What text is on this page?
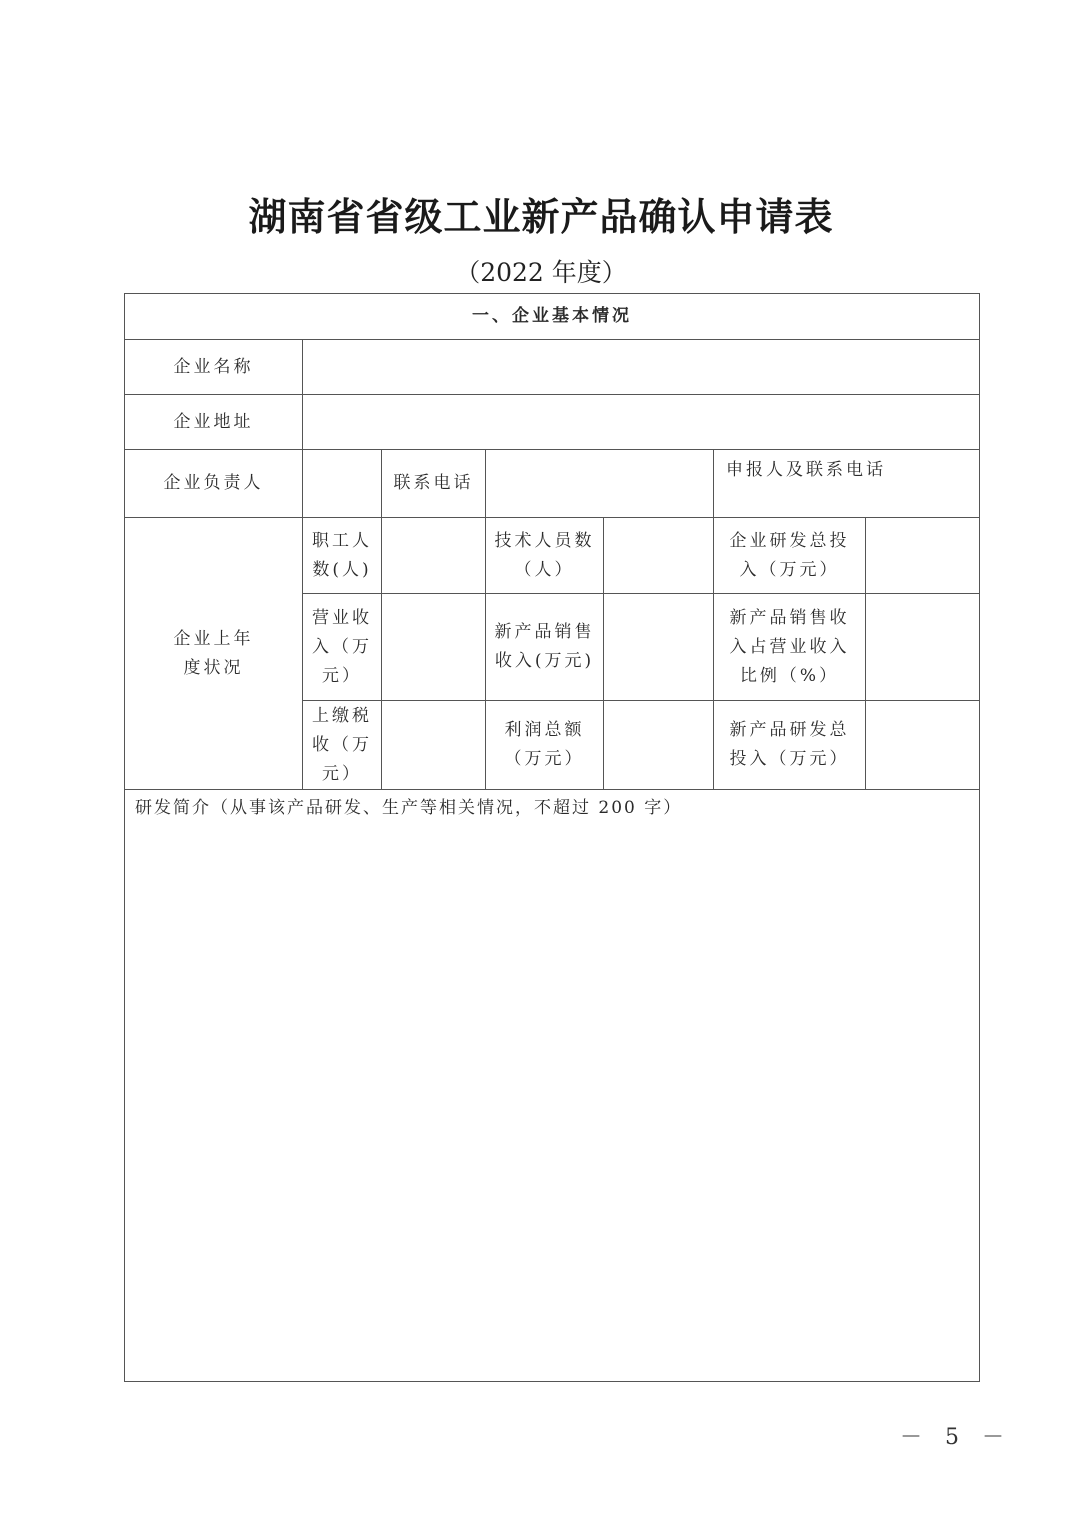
湖南省省级工业新产品确认申请表
（2022 年度）
一、企业基本情况						
企业名称						
企业地址						
企业负责人		联系电话			申报人及联系电话	

企业上年度状况	职工人数(人)		技术人员数（人）		企业研发总投入（万元）	

	营业收入（万元）		新产品销售收入(万元)		新产品销售收入占营业收入比例（%）	

	上缴税收（万元）		利润总额（万元）		新产品研发总投入（万元）	

研发简介（从事该产品研发、生产等相关情况，不超过 200 字）						
－ 5 －
